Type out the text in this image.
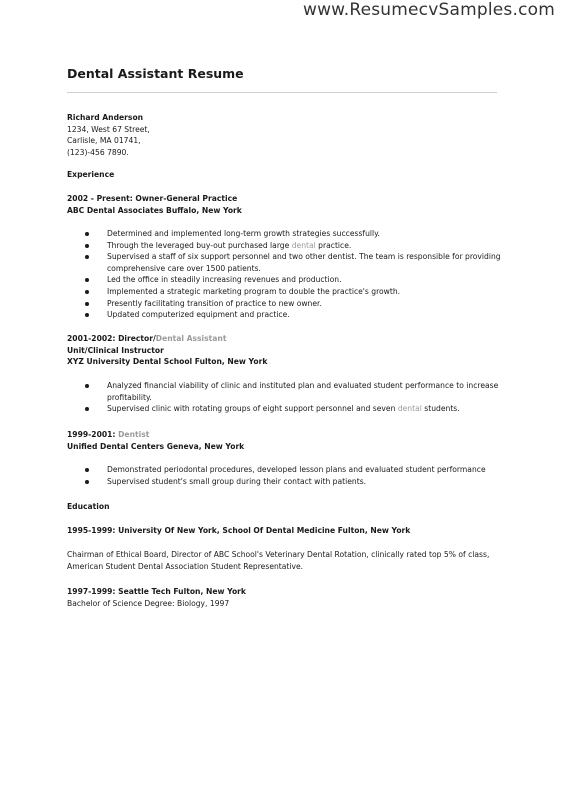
www.ResumecvSamples.com
Dental Assistant Resume
Richard Anderson
1234, West 67 Street,
Carlisle, MA 01741,
(123)-456 7890.
Experience
2002 - Present: Owner-General Practice
ABC Dental Associates Buffalo, New York
Determined and implemented long-term growth strategies successfully.
Through the leveraged buy-out purchased large dental practice.
Supervised a staff of six support personnel and two other dentist. The team is responsible for providing
comprehensive care over 1500 patients.
Led the office in steadily increasing revenues and production.
Implemented a strategic marketing program to double the practice's growth.
Presently facilitating transition of practice to new owner.
Updated computerized equipment and practice.
2001-2002: Director/Dental Assistant
Unit/Clinical Instructor
XYZ University Dental School Fulton, New York
Analyzed financial viability of clinic and instituted plan and evaluated student performance to increase
profitability.
Supervised clinic with rotating groups of eight support personnel and seven dental students.
1999-2001: Dentist
Unified Dental Centers Geneva, New York
Demonstrated periodontal procedures, developed lesson plans and evaluated student performance
Supervised student's small group during their contact with patients.
Education
1995-1999: University Of New York, School Of Dental Medicine Fulton, New York
Chairman of Ethical Board, Director of ABC School's Veterinary Dental Rotation, clinically rated top 5% of class,
American Student Dental Association Student Representative.
1997-1999: Seattle Tech Fulton, New York
Bachelor of Science Degree: Biology, 1997
